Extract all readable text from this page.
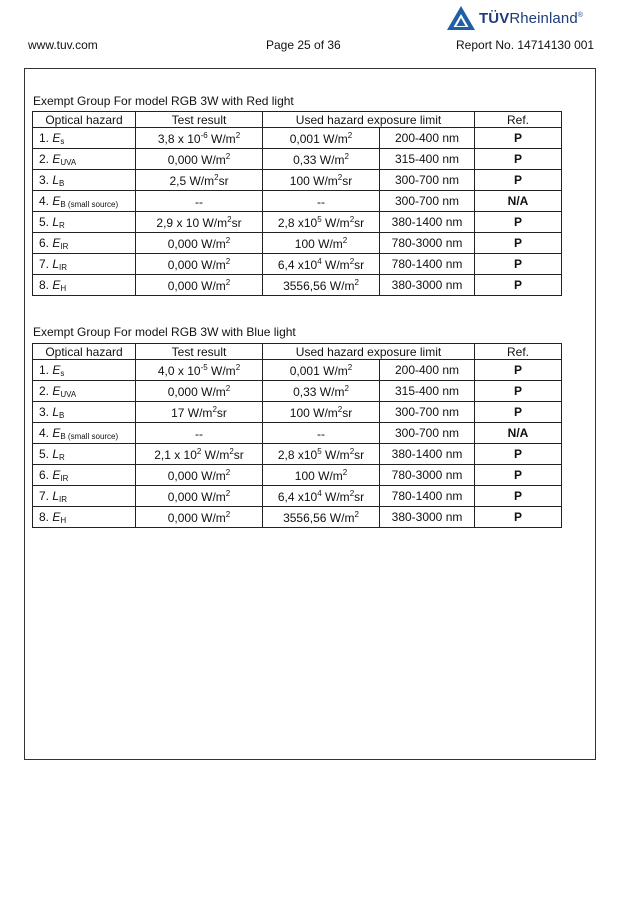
TÜVRheinland®
www.tuv.com	Page 25 of 36	Report No. 14714130 001
Exempt Group For model RGB 3W with Red light
Optical hazard	Test result	Used hazard exposure limit		Ref.
1. $E_s$	3,8 x $10^{-6}$ $W/m^2$	0,001 $W/m^2$	200-400 nm	P
2. $E_{UVA}$	0,000 $W/m^2$	0,33 $W/m^2$	315-400 nm	P
3. $L_B$	2,5 $W/m^2sr$	100 $W/m^2sr$	300-700 nm	P
4. $E_{B (small source)}$	--	--	300-700 nm	N/A
5. $L_R$	2,9 x 10 $W/m^2sr$	2,8 $x10^5$ $W/m^2sr$	380-1400 nm	P
6. $E_{IR}$	0,000 $W/m^2$	100 $W/m^2$	780-3000 nm	P
7. $L_{IR}$	0,000 $W/m^2$	6,4 $x10^4$ $W/m^2sr$	780-1400 nm	P
8. $E_H$	0,000 $W/m^2$	3556,56 $W/m^2$	380-3000 nm	P
Exempt Group For model RGB 3W with Blue light
Optical hazard	Test result	Used hazard exposure limit		Ref.
1. $E_s$	4,0 x $10^{-5}$ $W/m^2$	0,001 $W/m^2$	200-400 nm	P
2. $E_{UVA}$	0,000 $W/m^2$	0,33 $W/m^2$	315-400 nm	P
3. $L_B$	17 $W/m^2sr$	100 $W/m^2sr$	300-700 nm	P
4. $E_{B (small source)}$	--	--	300-700 nm	N/A
5. $L_R$	2,1 x $10^2$ $W/m^2sr$	2,8 $x10^5$ $W/m^2sr$	380-1400 nm	P
6. $E_{IR}$	0,000 $W/m^2$	100 $W/m^2$	780-3000 nm	P
7. $L_{IR}$	0,000 $W/m^2$	6,4 $x10^4$ $W/m^2sr$	780-1400 nm	P
8. $E_H$	0,000 $W/m^2$	3556,56 $W/m^2$	380-3000 nm	P
